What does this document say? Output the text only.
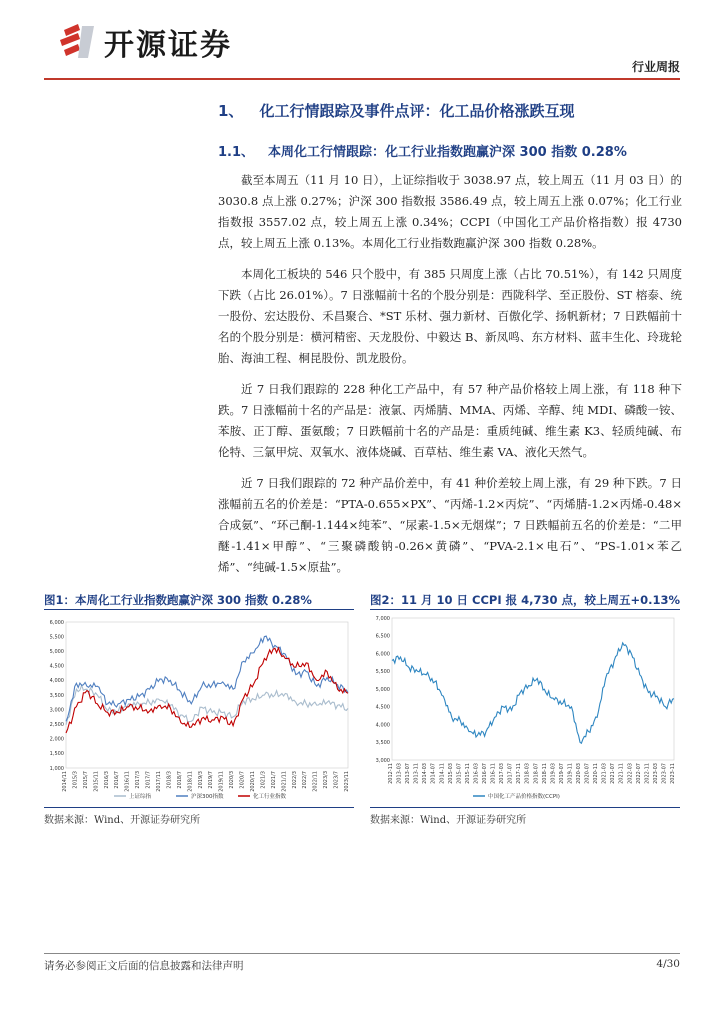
开源证券
行业周报
1、 化工行情跟踪及事件点评：化工品价格涨跌互现
1.1、 本周化工行情跟踪：化工行业指数跑赢沪深 300 指数 0.28%

截至本周五（11 月 10 日），上证综指收于 3038.97 点，较上周五（11 月 03 日）的 3030.8 点上涨 0.27%；沪深 300 指数报 3586.49 点，较上周五上涨 0.07%；化工行业指数报 3557.02 点，较上周五上涨 0.34%；CCPI（中国化工产品价格指数）报 4730 点，较上周五上涨 0.13%。本周化工行业指数跑赢沪深 300 指数 0.28%。

本周化工板块的 546 只个股中，有 385 只周度上涨（占比 70.51%），有 142 只周度下跌（占比 26.01%）。7 日涨幅前十名的个股分别是：西陇科学、至正股份、ST 榕泰、统一股份、宏达股份、禾昌聚合、*ST 乐材、强力新材、百傲化学、扬帆新材；7 日跌幅前十名的个股分别是：横河精密、天龙股份、中毅达 B、新凤鸣、东方材料、蓝丰生化、玲珑轮胎、海油工程、桐昆股份、凯龙股份。

近 7 日我们跟踪的 228 种化工产品中，有 57 种产品价格较上周上涨，有 118 种下跌。7 日涨幅前十名的产品是：液氯、丙烯腈、MMA、丙烯、辛醇、纯 MDI、磷酸一铵、苯胺、正丁醇、蛋氨酸；7 日跌幅前十名的产品是：重质纯碱、维生素 K3、轻质纯碱、布伦特、三氯甲烷、双氧水、液体烧碱、百草枯、维生素 VA、液化天然气。

近 7 日我们跟踪的 72 种产品价差中，有 41 种价差较上周上涨，有 29 种下跌。7 日涨幅前五名的价差是：“PTA-0.655×PX”、“丙烯-1.2×丙烷”、“丙烯腈-1.2×丙烯-0.48×合成氨”、“环己酮-1.144×纯苯”、“尿素-1.5×无烟煤”；7 日跌幅前五名的价差是：“二甲醚-1.41×甲醇”、“三聚磷酸钠-0.26×黄磷”、“PVA-2.1×电石”、“PS-1.01×苯乙烯”、“纯碱-1.5×原盐”。

图1：本周化工行业指数跑赢沪深 300 指数 0.28%
6,000
5,500
5,000
4,500
4,000
3,500
3,000
2,500
2,000
1,500
1,000
2014/11 2015/3 2015/7 2015/11 2016/3 2016/7 2016/11 2017/3 2017/7 2017/11 2018/3 2018/7 2018/11 2019/3 2019/7 2019/11 2020/3 2020/7 2020/11 2021/3 2021/7 2021/11 2022/3 2022/7 2022/11 2023/3 2023/7 2023/11
上证综指	沪深300指数	化工行业指数
数据来源：Wind、开源证券研究所
图2：11 月 10 日 CCPI 报 4,730 点，较上周五+0.13%
7,000
6,500
6,000
5,500
5,000
4,500
4,000
3,500
3,000
2012-11 2013-03 2013-07 2013-11 2014-03 2014-07 2014-11 2015-03 2015-07 2015-11 2016-03 2016-07 2016-11 2017-03 2017-07 2017-11 2018-03 2018-07 2018-11 2019-03 2019-07 2019-11 2020-03 2020-07 2020-11 2021-03 2021-07 2021-11 2022-03 2022-07 2022-11 2023-03 2023-07 2023-11
中国化工产品价格指数(CCPI)
数据来源：Wind、开源证券研究所
请务必参阅正文后面的信息披露和法律声明	4/30
